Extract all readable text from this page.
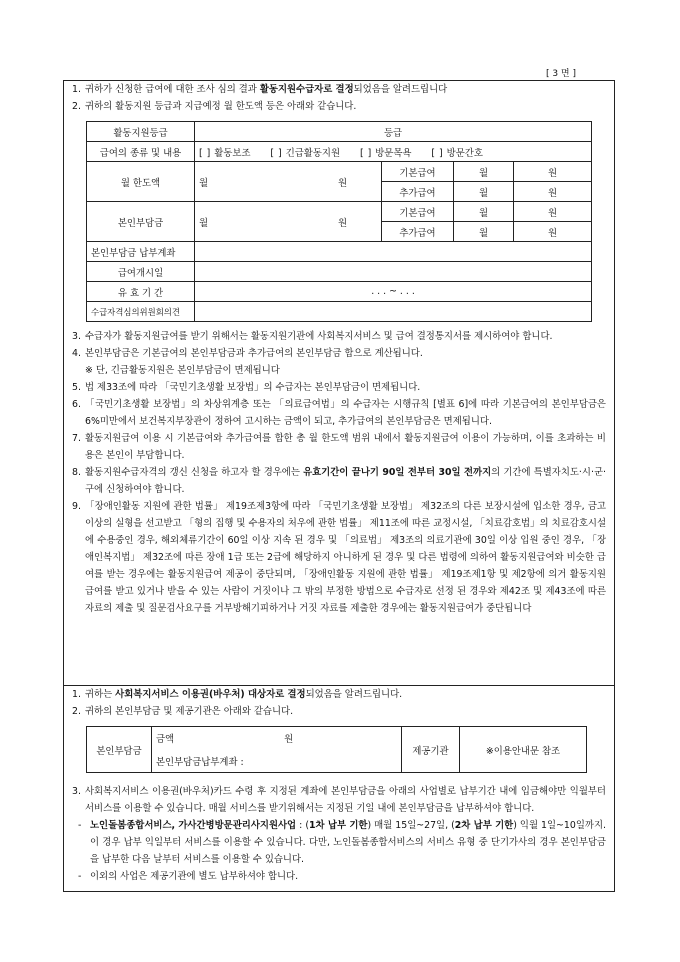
[ 3 면 ]
1. 귀하가 신청한 급여에 대한 조사 심의 결과 활동지원수급자로 결정되었음을 알려드립니다
2. 귀하의 활동지원 등급과 지급예정 월 한도액 등은 아래와 같습니다.
활동지원등급	등급			
급여의 종류 및 내용	[ ] 활동보조 [ ] 긴급활동지원 [ ] 방문목욕 [ ] 방문간호			
월 한도액	월 원	기본급여	월	원
		추가급여	월	원
본인부담금	월 원	기본급여	월	원
		추가급여	월	원
본인부담금 납부계좌				
급여개시일				
유 효 기 간	. . . ~ . . .			
수급자격심의위원회의견				
3. 수급자가 활동지원급여를 받기 위해서는 활동지원기관에 사회복지서비스 및 급여 결정통지서를 제시하여야 합니다.
4. 본인부담금은 기본급여의 본인부담금과 추가급여의 본인부담금 합으로 계산됩니다.
※ 단, 긴급활동지원은 본인부담금이 면제됩니다
5. 법 제33조에 따라 「국민기초생활 보장법」의 수급자는 본인부담금이 면제됩니다.
6. 「국민기초생활 보장법」의 차상위계층 또는 「의료급여법」의 수급자는 시행규칙 [별표 6]에 따라 기본급여의 본인부담금은 6%미만에서 보건복지부장관이 정하여 고시하는 금액이 되고, 추가급여의 본인부담금은 면제됩니다.
7. 활동지원급여 이용 시 기본급여와 추가급여를 합한 총 월 한도액 범위 내에서 활동지원급여 이용이 가능하며, 이를 초과하는 비용은 본인이 부담합니다.
8. 활동지원수급자격의 갱신 신청을 하고자 할 경우에는 유효기간이 끝나기 90일 전부터 30일 전까지의 기간에 특별자치도·시·군·구에 신청하여야 합니다.
9. 「장애인활동 지원에 관한 법률」 제19조제3항에 따라 「국민기초생활 보장법」 제32조의 다른 보장시설에 입소한 경우, 금고 이상의 실형을 선고받고 「형의 집행 및 수용자의 처우에 관한 법률」 제11조에 따른 교정시설, 「치료감호법」의 치료감호시설에 수용중인 경우, 해외체류기간이 60일 이상 지속 된 경우 및 「의료법」 제3조의 의료기관에 30일 이상 입원 중인 경우, 「장애인복지법」 제32조에 따른 장애 1급 또는 2급에 해당하지 아니하게 된 경우 및 다른 법령에 의하여 활동지원급여와 비슷한 급여를 받는 경우에는 활동지원급여 제공이 중단되며, 「장애인활동 지원에 관한 법률」 제19조제1항 및 제2항에 의거 활동지원급여를 받고 있거나 받을 수 있는 사람이 거짓이나 그 밖의 부정한 방법으로 수급자로 선정 된 경우와 제42조 및 제43조에 따른 자료의 제출 및 질문검사요구를 거부방해기피하거나 거짓 자료를 제출한 경우에는 활동지원급여가 중단됩니다
1. 귀하는 사회복지서비스 이용권(바우처) 대상자로 결정되었음을 알려드립니다.
2. 귀하의 본인부담금 및 제공기관은 아래와 같습니다.
본인부담금	금액	원	제공기관	※이용안내문 참조
본인부담금납부계좌 :
3. 사회복지서비스 이용권(바우처)카드 수령 후 지정된 계좌에 본인부담금을 아래의 사업별로 납부기간 내에 입금해야만 익월부터 서비스를 이용할 수 있습니다. 매월 서비스를 받기위해서는 지정된 기일 내에 본인부담금을 납부하셔야 합니다.
- 노인돌봄종합서비스, 가사간병방문관리사지원사업 : (1차 납부 기한) 매월 15일~27일, (2차 납부 기한) 익월 1일~10일까지. 이 경우 납부 익일부터 서비스를 이용할 수 있습니다. 다만, 노인돌봄종합서비스의 서비스 유형 중 단기가사의 경우 본인부담금을 납부한 다음 날부터 서비스를 이용할 수 있습니다.
- 이외의 사업은 제공기관에 별도 납부하셔야 합니다.
